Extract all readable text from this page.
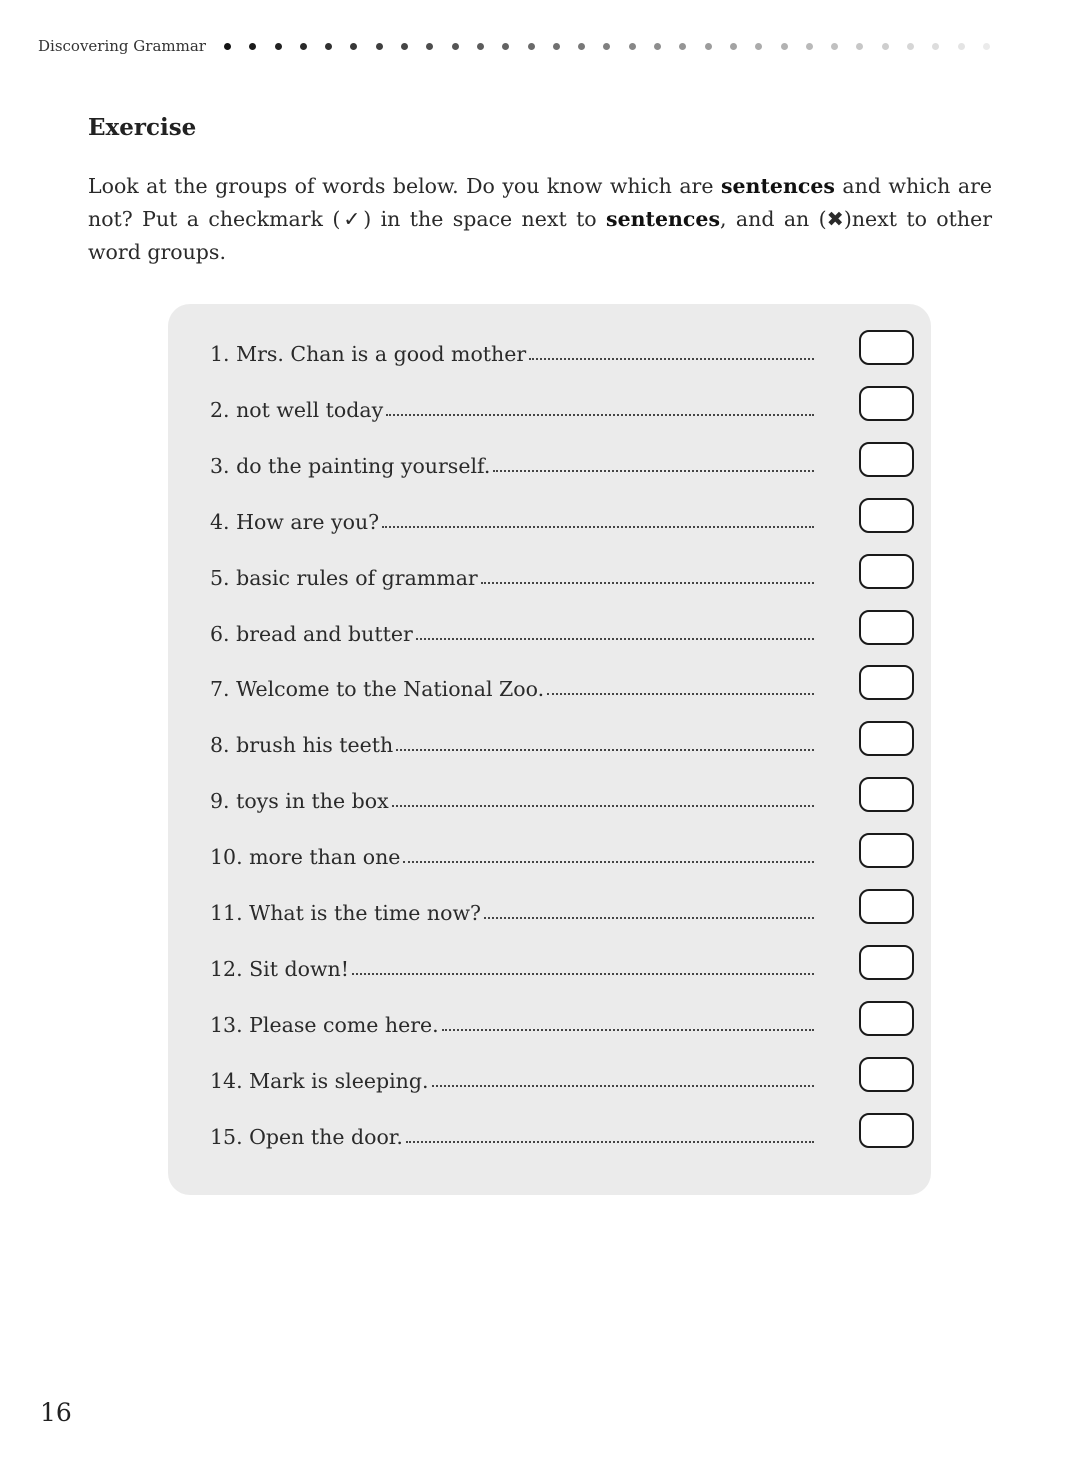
Discovering Grammar
Exercise
Look at the groups of words below. Do you know which are sentences and which are not? Put a checkmark (✓) in the space next to sentences, and an (✖)next to other word groups.
1. Mrs. Chan is a good mother
2. not well today
3. do the painting yourself.
4. How are you?
5. basic rules of grammar
6. bread and butter
7. Welcome to the National Zoo.
8. brush his teeth
9. toys in the box
10. more than one
11. What is the time now?
12. Sit down!
13. Please come here.
14. Mark is sleeping.
15. Open the door.
16
